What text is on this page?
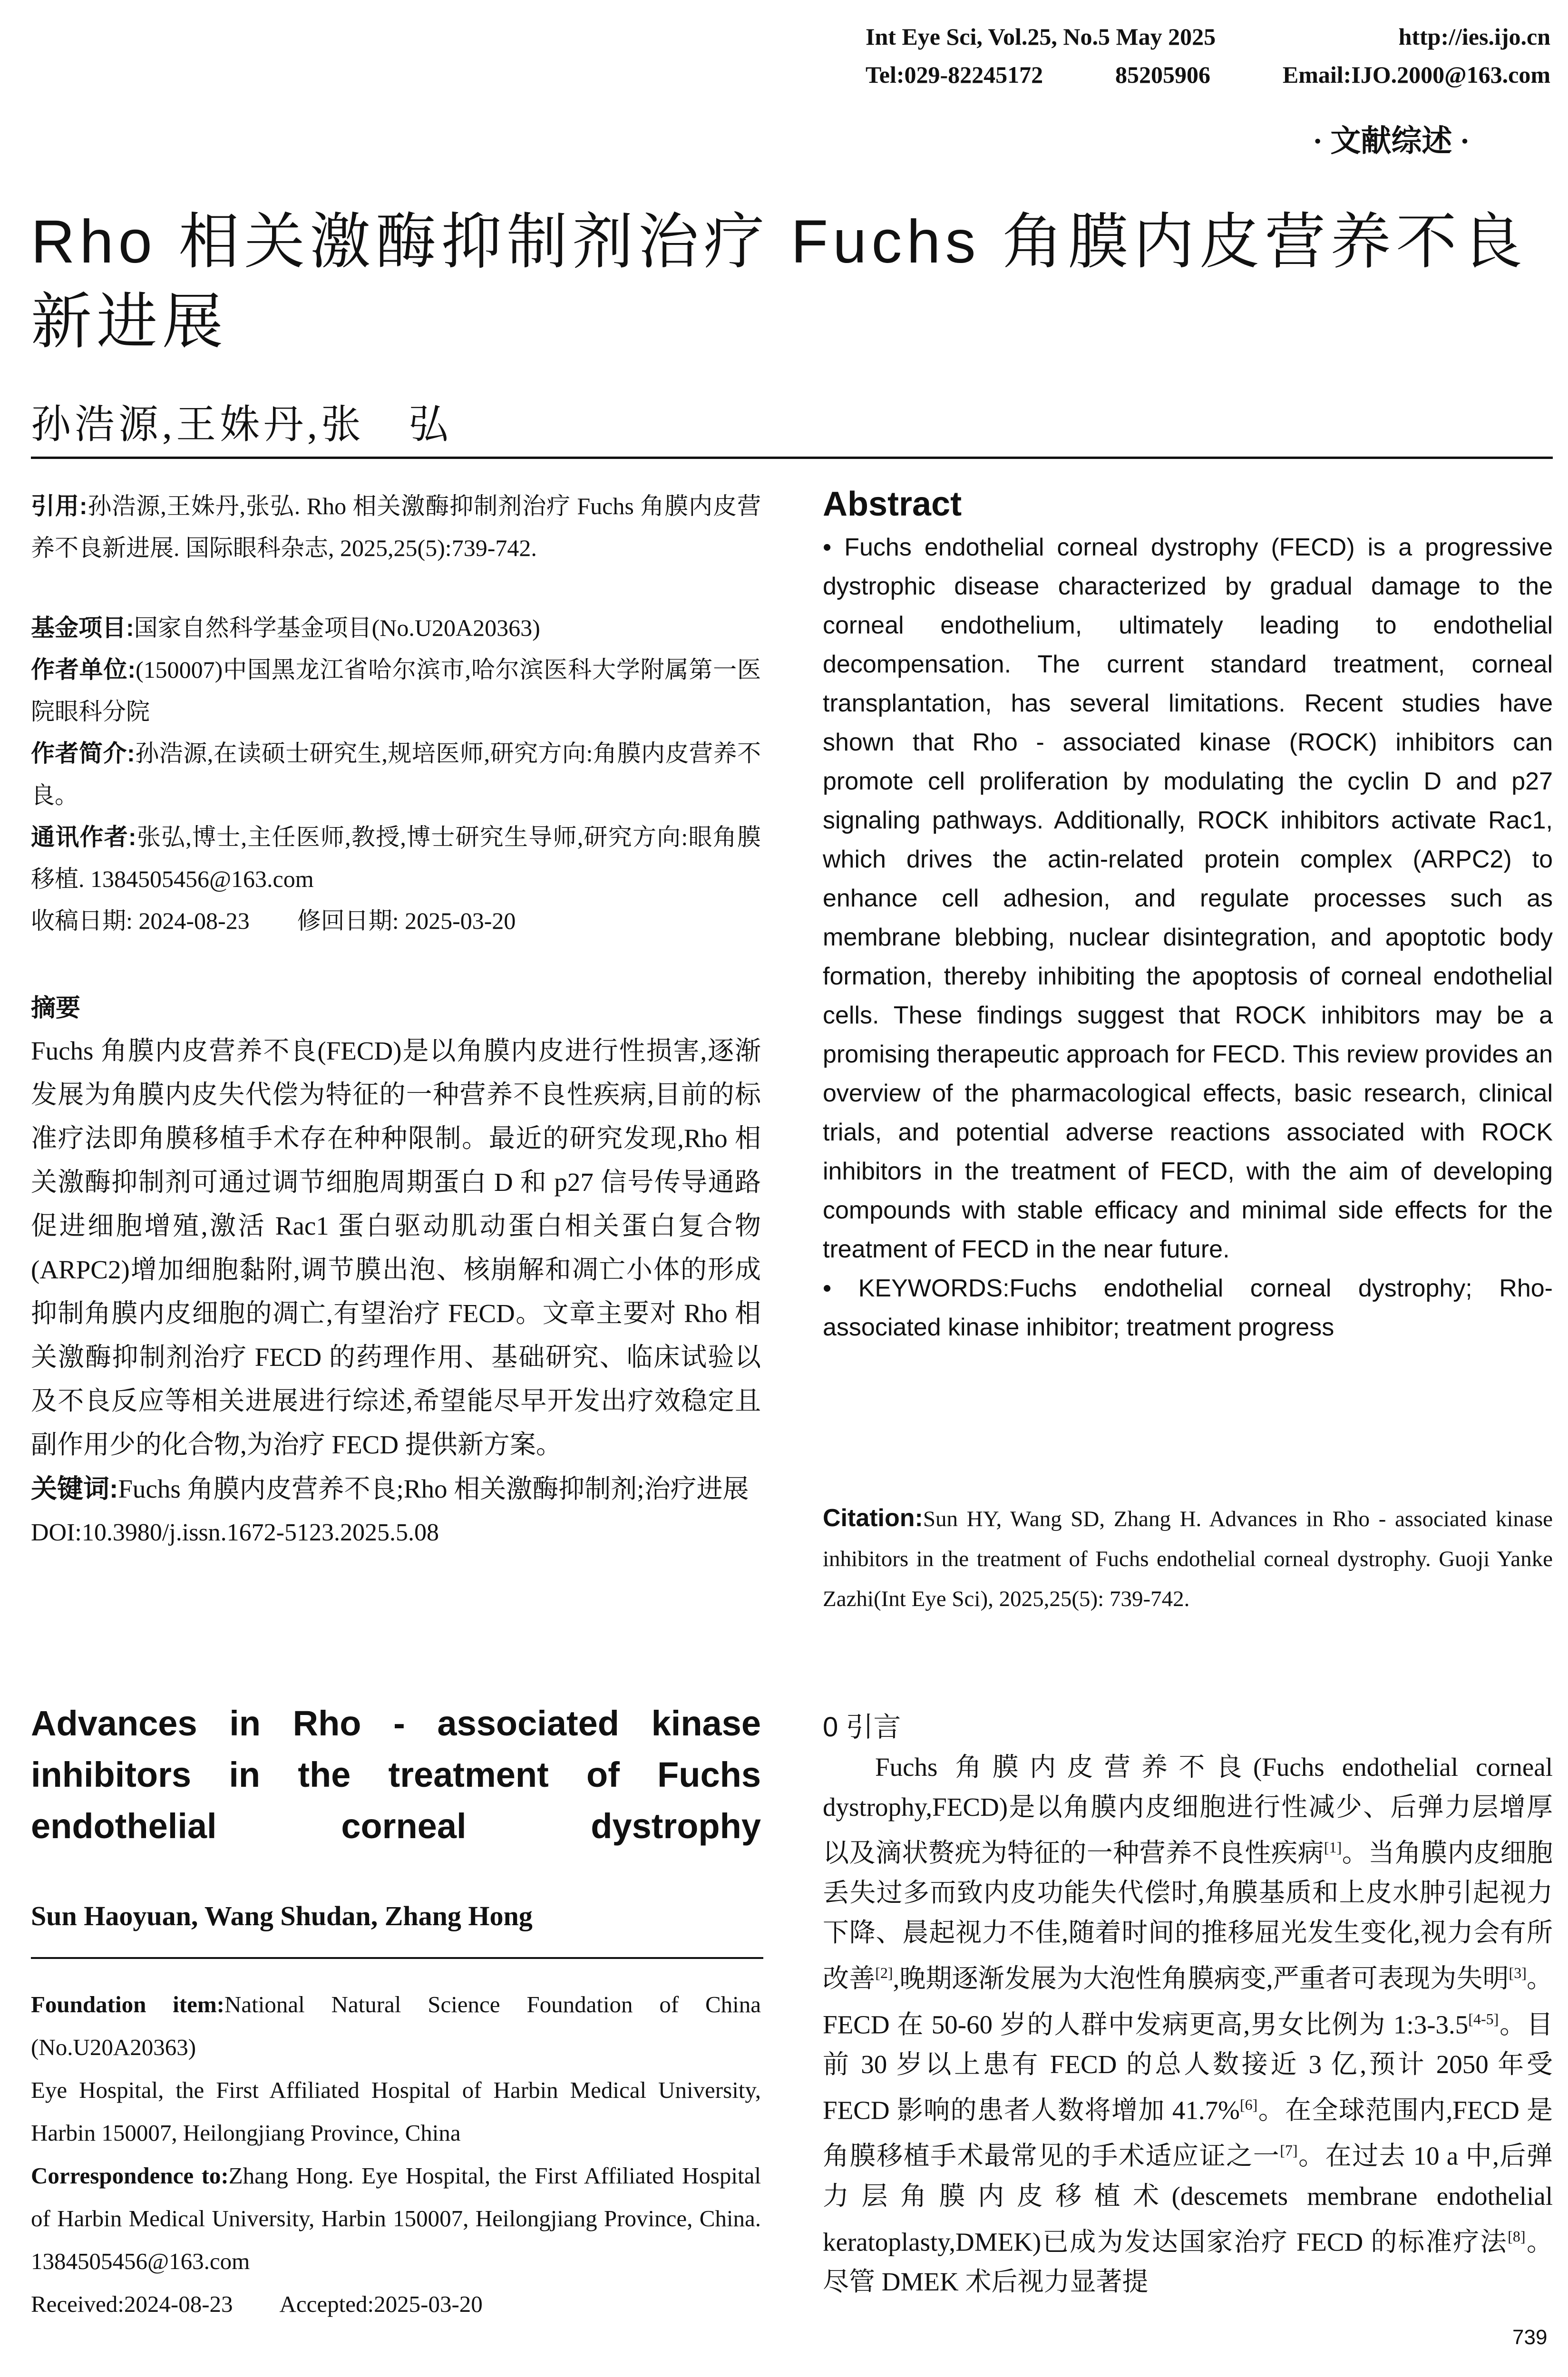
Int Eye Sci, Vol.25, No.5 May 2025	http://ies.ijo.cn
Tel:029-82245172	85205906	Email:IJO.2000@163.com
· 文献综述 ·
Rho 相关激酶抑制剂治疗 Fuchs 角膜内皮营养不良新进展
孙浩源,王姝丹,张　弘

引用:孙浩源,王姝丹,张弘. Rho 相关激酶抑制剂治疗 Fuchs 角膜内皮营养不良新进展. 国际眼科杂志, 2025,25(5):739-742.

基金项目:国家自然科学基金项目(No.U20A20363)

作者单位:(150007)中国黑龙江省哈尔滨市,哈尔滨医科大学附属第一医院眼科分院

作者简介:孙浩源,在读硕士研究生,规培医师,研究方向:角膜内皮营养不良。

通讯作者:张弘,博士,主任医师,教授,博士研究生导师,研究方向:眼角膜移植. 1384505456@163.com

收稿日期: 2024-08-23　　修回日期: 2025-03-20

摘要

Fuchs 角膜内皮营养不良(FECD)是以角膜内皮进行性损害,逐渐发展为角膜内皮失代偿为特征的一种营养不良性疾病,目前的标准疗法即角膜移植手术存在种种限制。最近的研究发现,Rho 相关激酶抑制剂可通过调节细胞周期蛋白 D 和 p27 信号传导通路促进细胞增殖,激活 Rac1 蛋白驱动肌动蛋白相关蛋白复合物(ARPC2)增加细胞黏附,调节膜出泡、核崩解和凋亡小体的形成抑制角膜内皮细胞的凋亡,有望治疗 FECD。文章主要对 Rho 相关激酶抑制剂治疗 FECD 的药理作用、基础研究、临床试验以及不良反应等相关进展进行综述,希望能尽早开发出疗效稳定且副作用少的化合物,为治疗 FECD 提供新方案。

关键词:Fuchs 角膜内皮营养不良;Rho 相关激酶抑制剂;治疗进展

DOI:10.3980/j.issn.1672-5123.2025.5.08

Advances in Rho - associated kinase inhibitors in the treatment of Fuchs endothelial corneal dystrophy
Sun Haoyuan, Wang Shudan, Zhang Hong

Foundation item:National Natural Science Foundation of China (No.U20A20363)

Eye Hospital, the First Affiliated Hospital of Harbin Medical University, Harbin 150007, Heilongjiang Province, China

Correspondence to:Zhang Hong. Eye Hospital, the First Affiliated Hospital of Harbin Medical University, Harbin 150007, Heilongjiang Province, China. 1384505456@163.com

Received:2024-08-23　　Accepted:2025-03-20

Abstract

• Fuchs endothelial corneal dystrophy (FECD) is a progressive dystrophic disease characterized by gradual damage to the corneal endothelium, ultimately leading to endothelial decompensation. The current standard treatment, corneal transplantation, has several limitations. Recent studies have shown that Rho - associated kinase (ROCK) inhibitors can promote cell proliferation by modulating the cyclin D and p27 signaling pathways. Additionally, ROCK inhibitors activate Rac1, which drives the actin-related protein complex (ARPC2) to enhance cell adhesion, and regulate processes such as membrane blebbing, nuclear disintegration, and apoptotic body formation, thereby inhibiting the apoptosis of corneal endothelial cells. These findings suggest that ROCK inhibitors may be a promising therapeutic approach for FECD. This review provides an overview of the pharmacological effects, basic research, clinical trials, and potential adverse reactions associated with ROCK inhibitors in the treatment of FECD, with the aim of developing compounds with stable efficacy and minimal side effects for the treatment of FECD in the near future.

• KEYWORDS:Fuchs endothelial corneal dystrophy; Rho-associated kinase inhibitor; treatment progress

Citation:Sun HY, Wang SD, Zhang H. Advances in Rho - associated kinase inhibitors in the treatment of Fuchs endothelial corneal dystrophy. Guoji Yanke Zazhi(Int Eye Sci), 2025,25(5): 739-742.

0 引言

Fuchs 角膜内皮营养不良(Fuchs endothelial corneal dystrophy,FECD)是以角膜内皮细胞进行性减少、后弹力层增厚以及滴状赘疣为特征的一种营养不良性疾病[1]。当角膜内皮细胞丢失过多而致内皮功能失代偿时,角膜基质和上皮水肿引起视力下降、晨起视力不佳,随着时间的推移屈光发生变化,视力会有所改善[2],晚期逐渐发展为大泡性角膜病变,严重者可表现为失明[3]。FECD 在 50-60 岁的人群中发病更高,男女比例为 1:3-3.5[4-5]。目前 30 岁以上患有 FECD 的总人数接近 3 亿,预计 2050 年受 FECD 影响的患者人数将增加 41.7%[6]。在全球范围内,FECD 是角膜移植手术最常见的手术适应证之一[7]。在过去 10 a 中,后弹力层角膜内皮移植术(descemets membrane endothelial keratoplasty,DMEK)已成为发达国家治疗 FECD 的标准疗法[8]。尽管 DMEK 术后视力显著提

739
